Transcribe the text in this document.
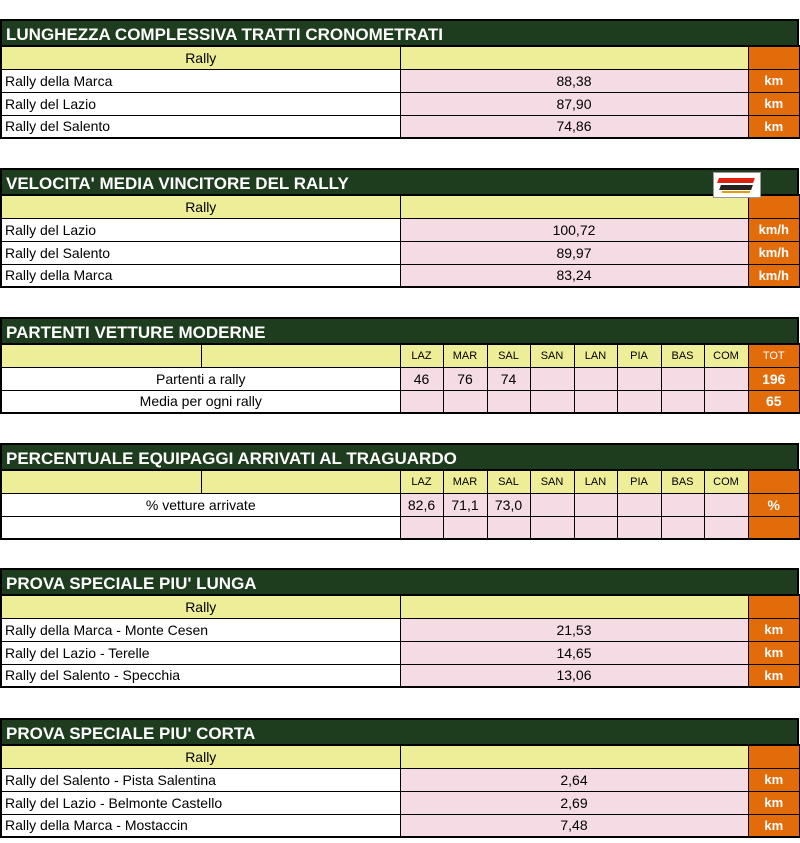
LUNGHEZZA COMPLESSIVA TRATTI CRONOMETRATI
Rally		
Rally della Marca	88,38	km
Rally del Lazio	87,90	km
Rally del Salento	74,86	km
VELOCITA' MEDIA VINCITORE DEL RALLY
Rally		
Rally del Lazio	100,72	km/h
Rally del Salento	89,97	km/h
Rally della Marca	83,24	km/h
PARTENTI VETTURE MODERNE
		LAZ	MAR	SAL	SAN	LAN	PIA	BAS	COM	TOT
Partenti a rally		46	76	74						196
Media per ogni rally										65
PERCENTUALE EQUIPAGGI ARRIVATI AL TRAGUARDO
		LAZ	MAR	SAL	SAN	LAN	PIA	BAS	COM	
% vetture arrivate		82,6	71,1	73,0						%

PROVA SPECIALE PIU' LUNGA
Rally		
Rally della Marca - Monte Cesen	21,53	km
Rally del Lazio - Terelle	14,65	km
Rally del Salento - Specchia	13,06	km
PROVA SPECIALE PIU' CORTA
Rally		
Rally del Salento - Pista Salentina	2,64	km
Rally del Lazio - Belmonte Castello	2,69	km
Rally della Marca - Mostaccin	7,48	km
